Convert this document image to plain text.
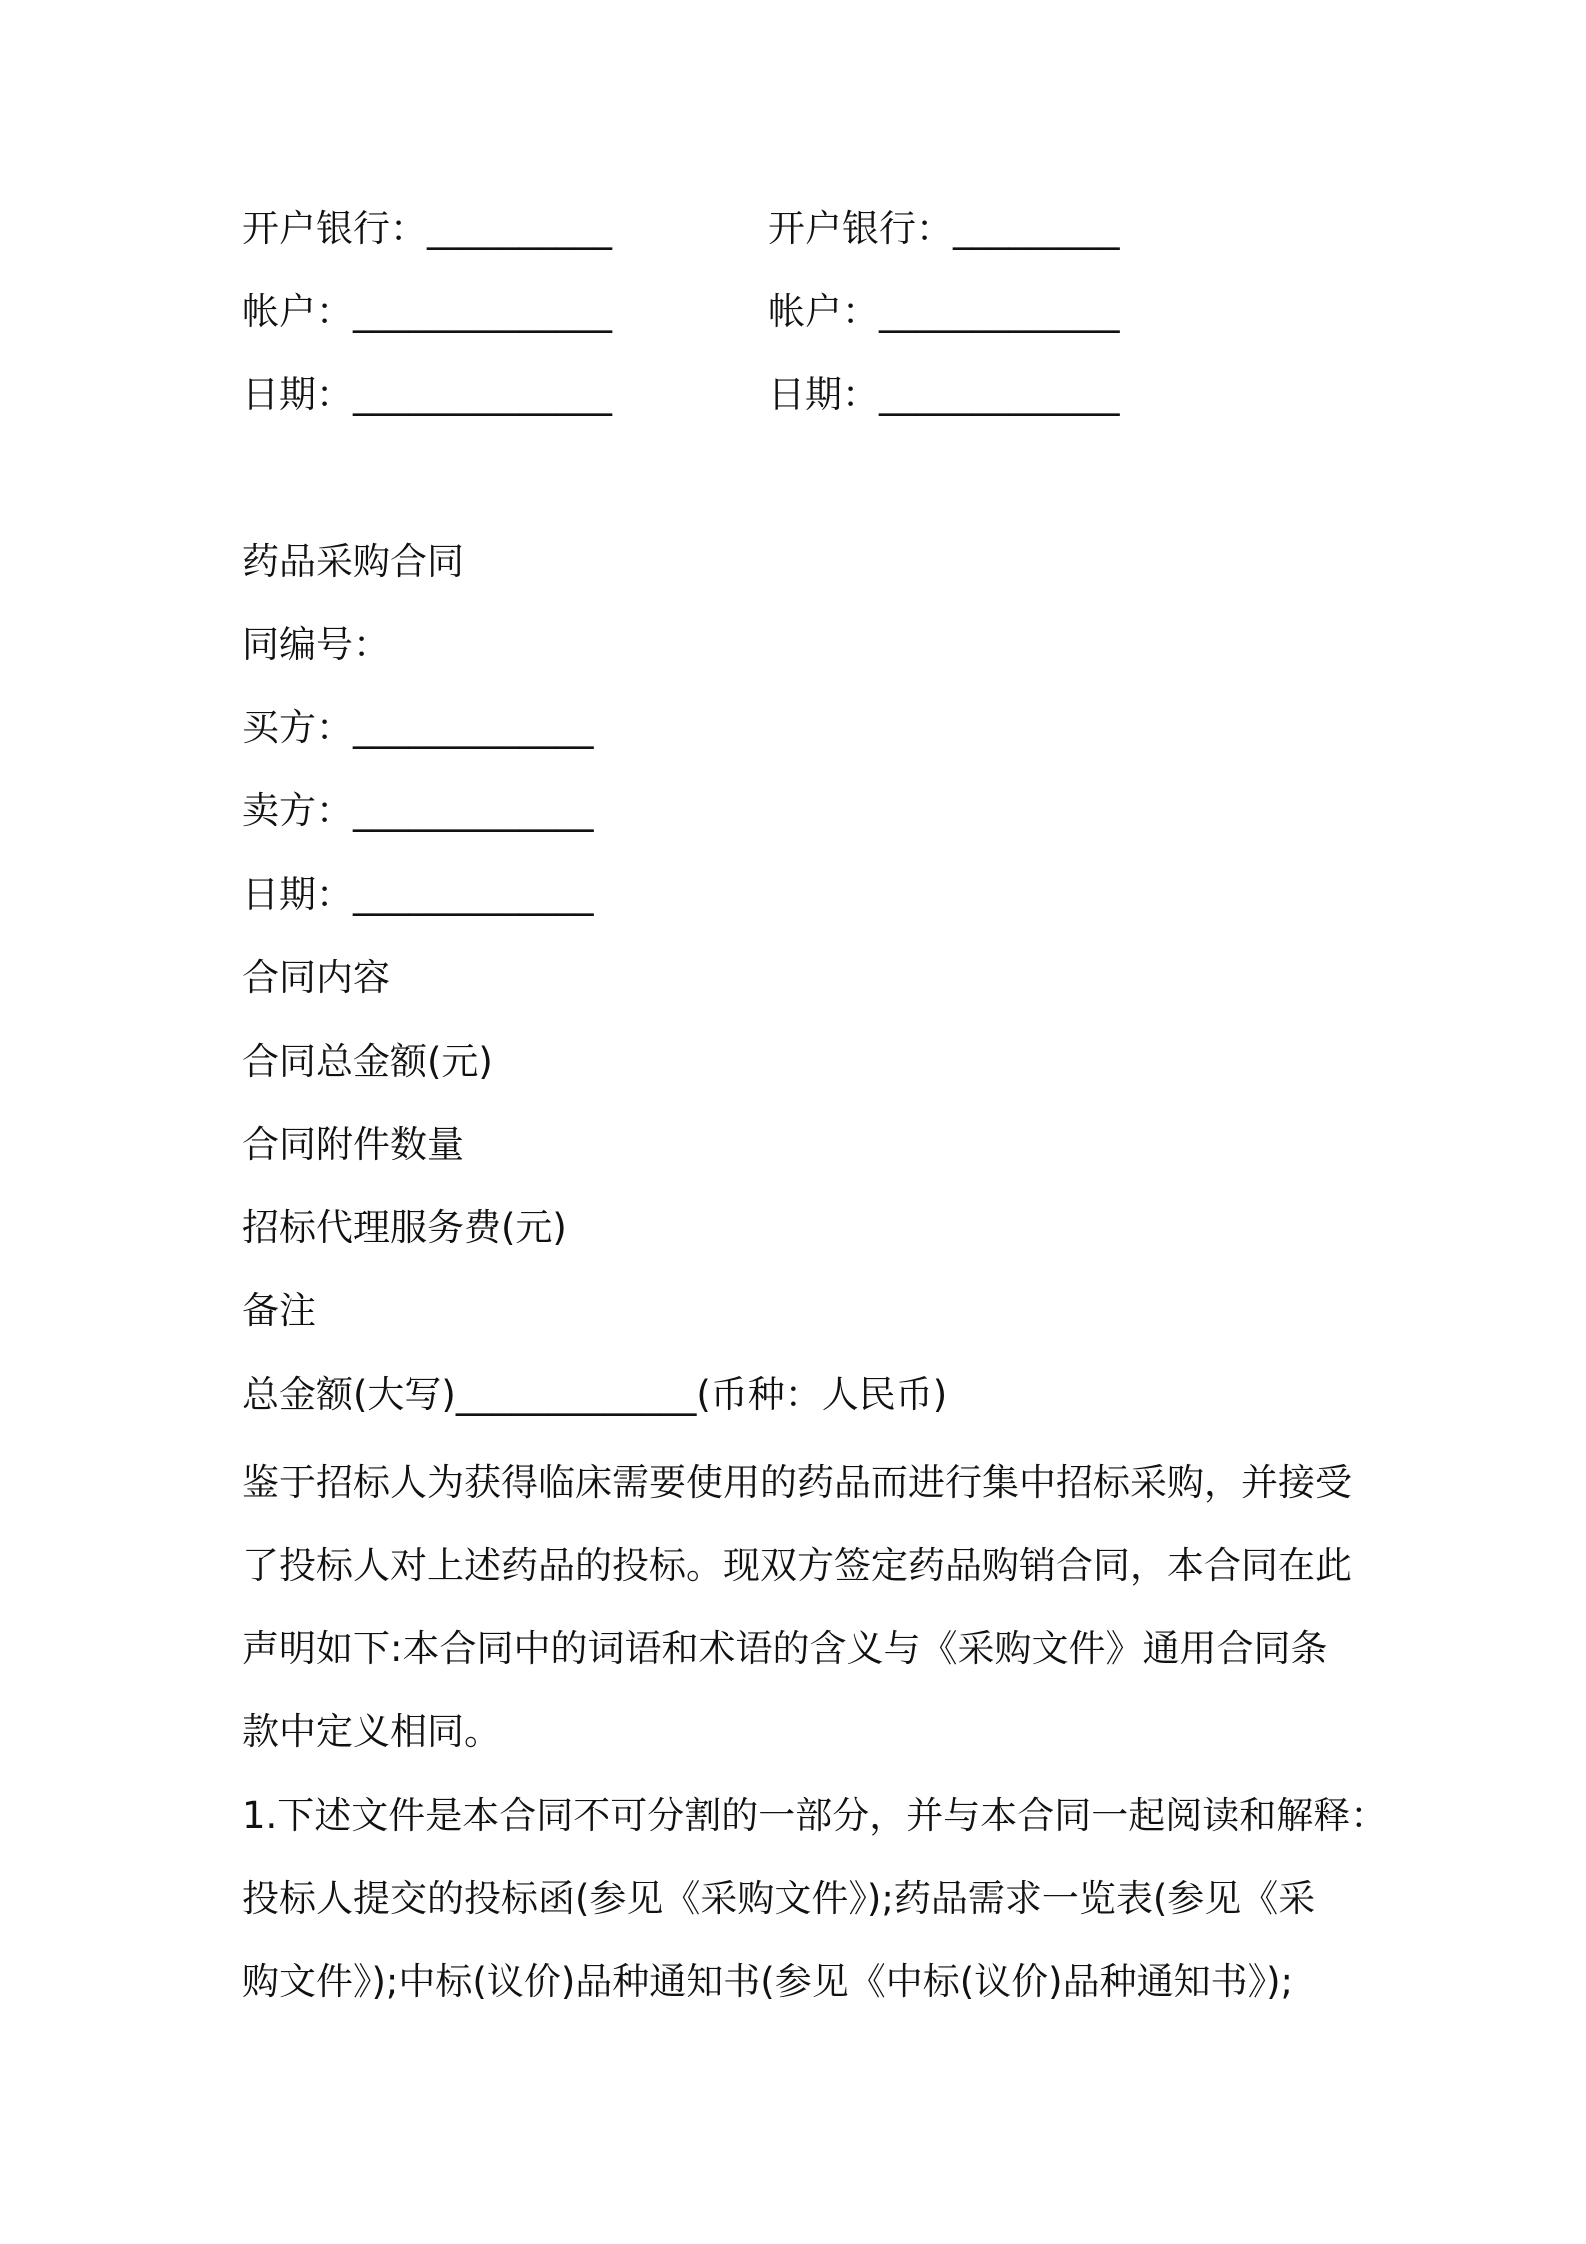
开户银行：__________
帐户：______________
日期：______________
开户银行：_________
帐户：_____________
日期：_____________
药品采购合同
同编号：
买方：_____________
卖方：_____________
日期：_____________
合同内容
合同总金额(元)
合同附件数量
招标代理服务费(元)
备注
总金额(大写)_____________(币种：人民币)

鉴于招标人为获得临床需要使用的药品而进行集中招标采购，并接受

了投标人对上述药品的投标。现双方签定药品购销合同，本合同在此

声明如下:本合同中的词语和术语的含义与《采购文件》通用合同条

款中定义相同。

1.下述文件是本合同不可分割的一部分，并与本合同一起阅读和解释：

投标人提交的投标函(参见《采购文件》);药品需求一览表(参见《采

购文件》);中标(议价)品种通知书(参见《中标(议价)品种通知书》);
